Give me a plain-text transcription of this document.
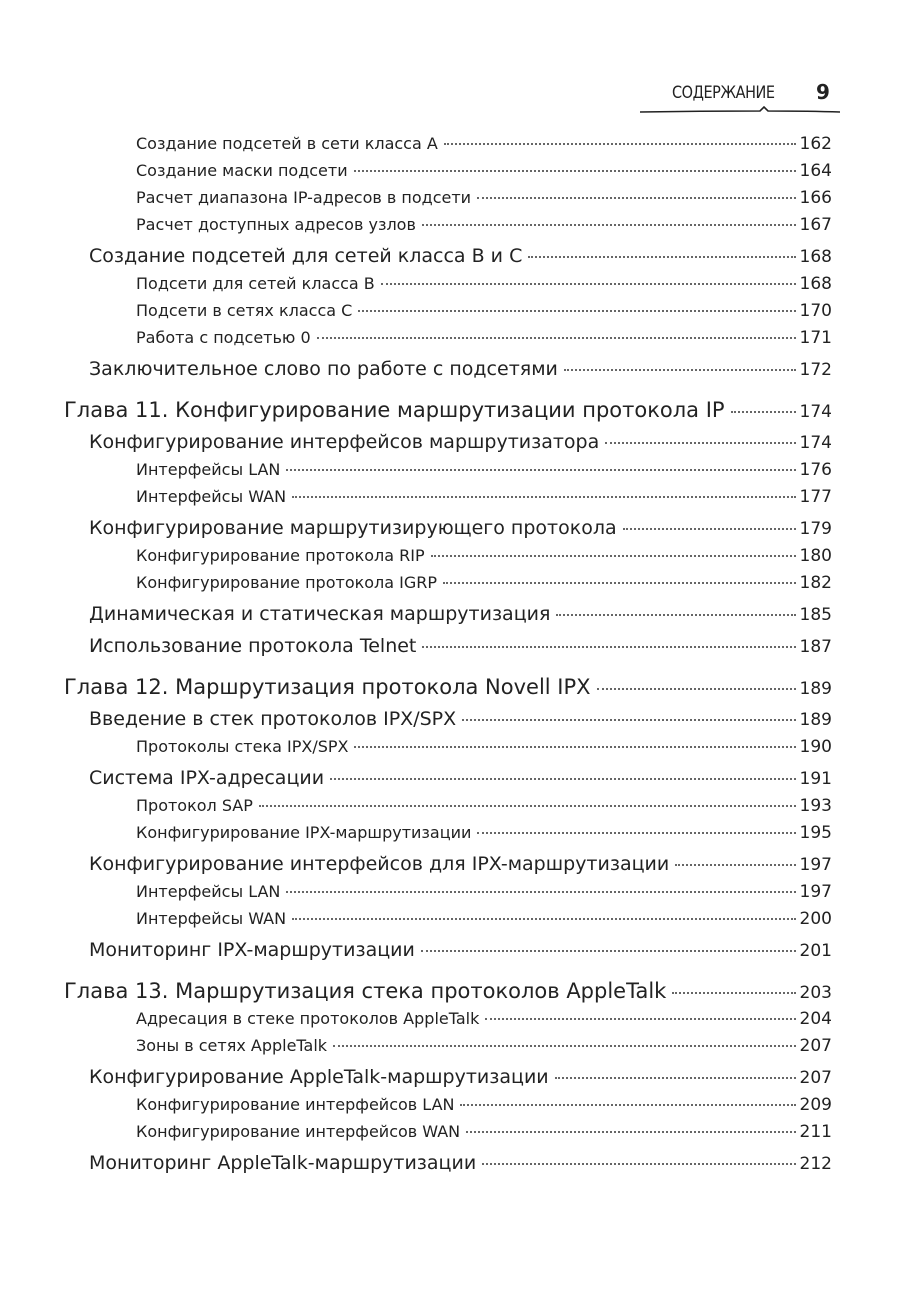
СОДЕРЖАНИЕ 9
Создание подсетей в сети класса A	162
Создание маски подсети	164
Расчет диапазона IP-адресов в подсети	166
Расчет доступных адресов узлов	167
Создание подсетей для сетей класса B и C	168
Подсети для сетей класса B	168
Подсети в сетях класса C	170
Работа с подсетью 0	171
Заключительное слово по работе с подсетями	172
Глава 11. Конфигурирование маршрутизации протокола IP	174
Конфигурирование интерфейсов маршрутизатора	174
Интерфейсы LAN	176
Интерфейсы WAN	177
Конфигурирование маршрутизирующего протокола	179
Конфигурирование протокола RIP	180
Конфигурирование протокола IGRP	182
Динамическая и статическая маршрутизация	185
Использование протокола Telnet	187
Глава 12. Маршрутизация протокола Novell IPX	189
Введение в стек протоколов IPX/SPX	189
Протоколы стека IPX/SPX	190
Система IPX-адресации	191
Протокол SAP	193
Конфигурирование IPX-маршрутизации	195
Конфигурирование интерфейсов для IPX-маршрутизации	197
Интерфейсы LAN	197
Интерфейсы WAN	200
Мониторинг IPX-маршрутизации	201
Глава 13. Маршрутизация стека протоколов AppleTalk	203
Адресация в стеке протоколов AppleTalk	204
Зоны в сетях AppleTalk	207
Конфигурирование AppleTalk-маршрутизации	207
Конфигурирование интерфейсов LAN	209
Конфигурирование интерфейсов WAN	211
Мониторинг AppleTalk-маршрутизации	212
